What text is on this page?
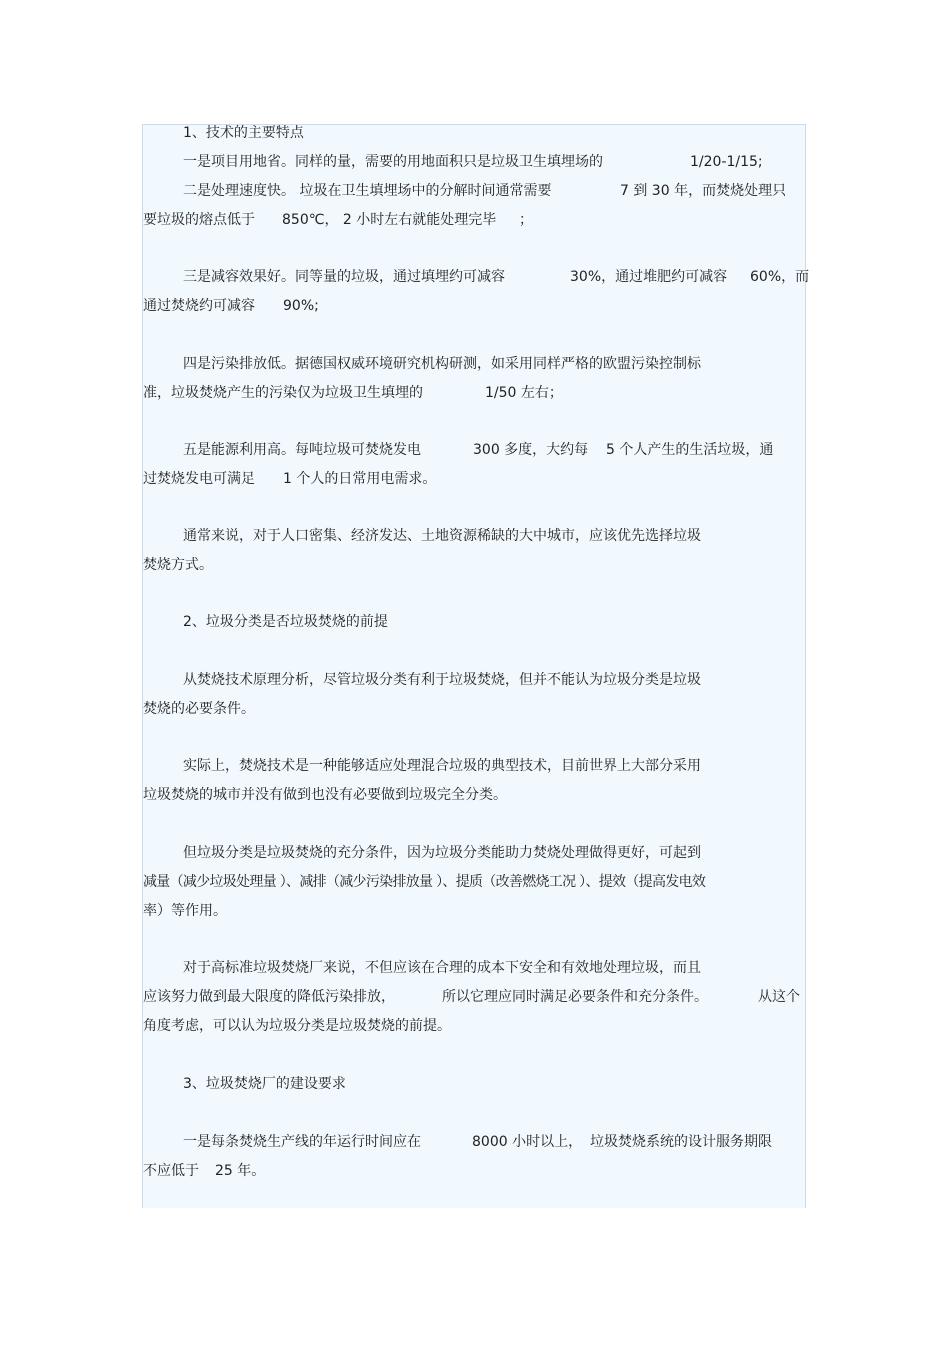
1、技术的主要特点
一是项目用地省。同样的量，需要的用地面积只是垃圾卫生填埋场的	1/20-1/15;
二是处理速度快。 垃圾在卫生填埋场中的分解时间通常需要	7 到 30 年，而焚烧处理只
要垃圾的熔点低于 850℃， 2 小时左右就能处理完毕 ；
三是减容效果好。同等量的垃圾，通过填埋约可减容	30%，通过堆肥约可减容 60%，而
通过焚烧约可减容 90%;
四是污染排放低。据德国权威环境研究机构研测，如采用同样严格的欧盟污染控制标
准，垃圾焚烧产生的污染仅为垃圾卫生填埋的	1/50 左右；
五是能源利用高。每吨垃圾可焚烧发电	300 多度，大约每 5 个人产生的生活垃圾，通
过焚烧发电可满足 1 个人的日常用电需求。
通常来说，对于人口密集、经济发达、土地资源稀缺的大中城市，应该优先选择垃圾
焚烧方式。
2、垃圾分类是否垃圾焚烧的前提
从焚烧技术原理分析，尽管垃圾分类有利于垃圾焚烧，但并不能认为垃圾分类是垃圾
焚烧的必要条件。
实际上，焚烧技术是一种能够适应处理混合垃圾的典型技术，目前世界上大部分采用
垃圾焚烧的城市并没有做到也没有必要做到垃圾完全分类。
但垃圾分类是垃圾焚烧的充分条件，因为垃圾分类能助力焚烧处理做得更好，可起到
减量（减少垃圾处理量 ）、减排（减少污染排放量 ）、提质（改善燃烧工况 ）、提效（提高发电效
率）等作用。
对于高标准垃圾焚烧厂来说，不但应该在合理的成本下安全和有效地处理垃圾，而且
应该努力做到最大限度的降低污染排放，	所以它理应同时满足必要条件和充分条件。	从这个
角度考虑，可以认为垃圾分类是垃圾焚烧的前提。
3、垃圾焚烧厂的建设要求
一是每条焚烧生产线的年运行时间应在	8000 小时以上， 垃圾焚烧系统的设计服务期限
不应低于 25 年。
